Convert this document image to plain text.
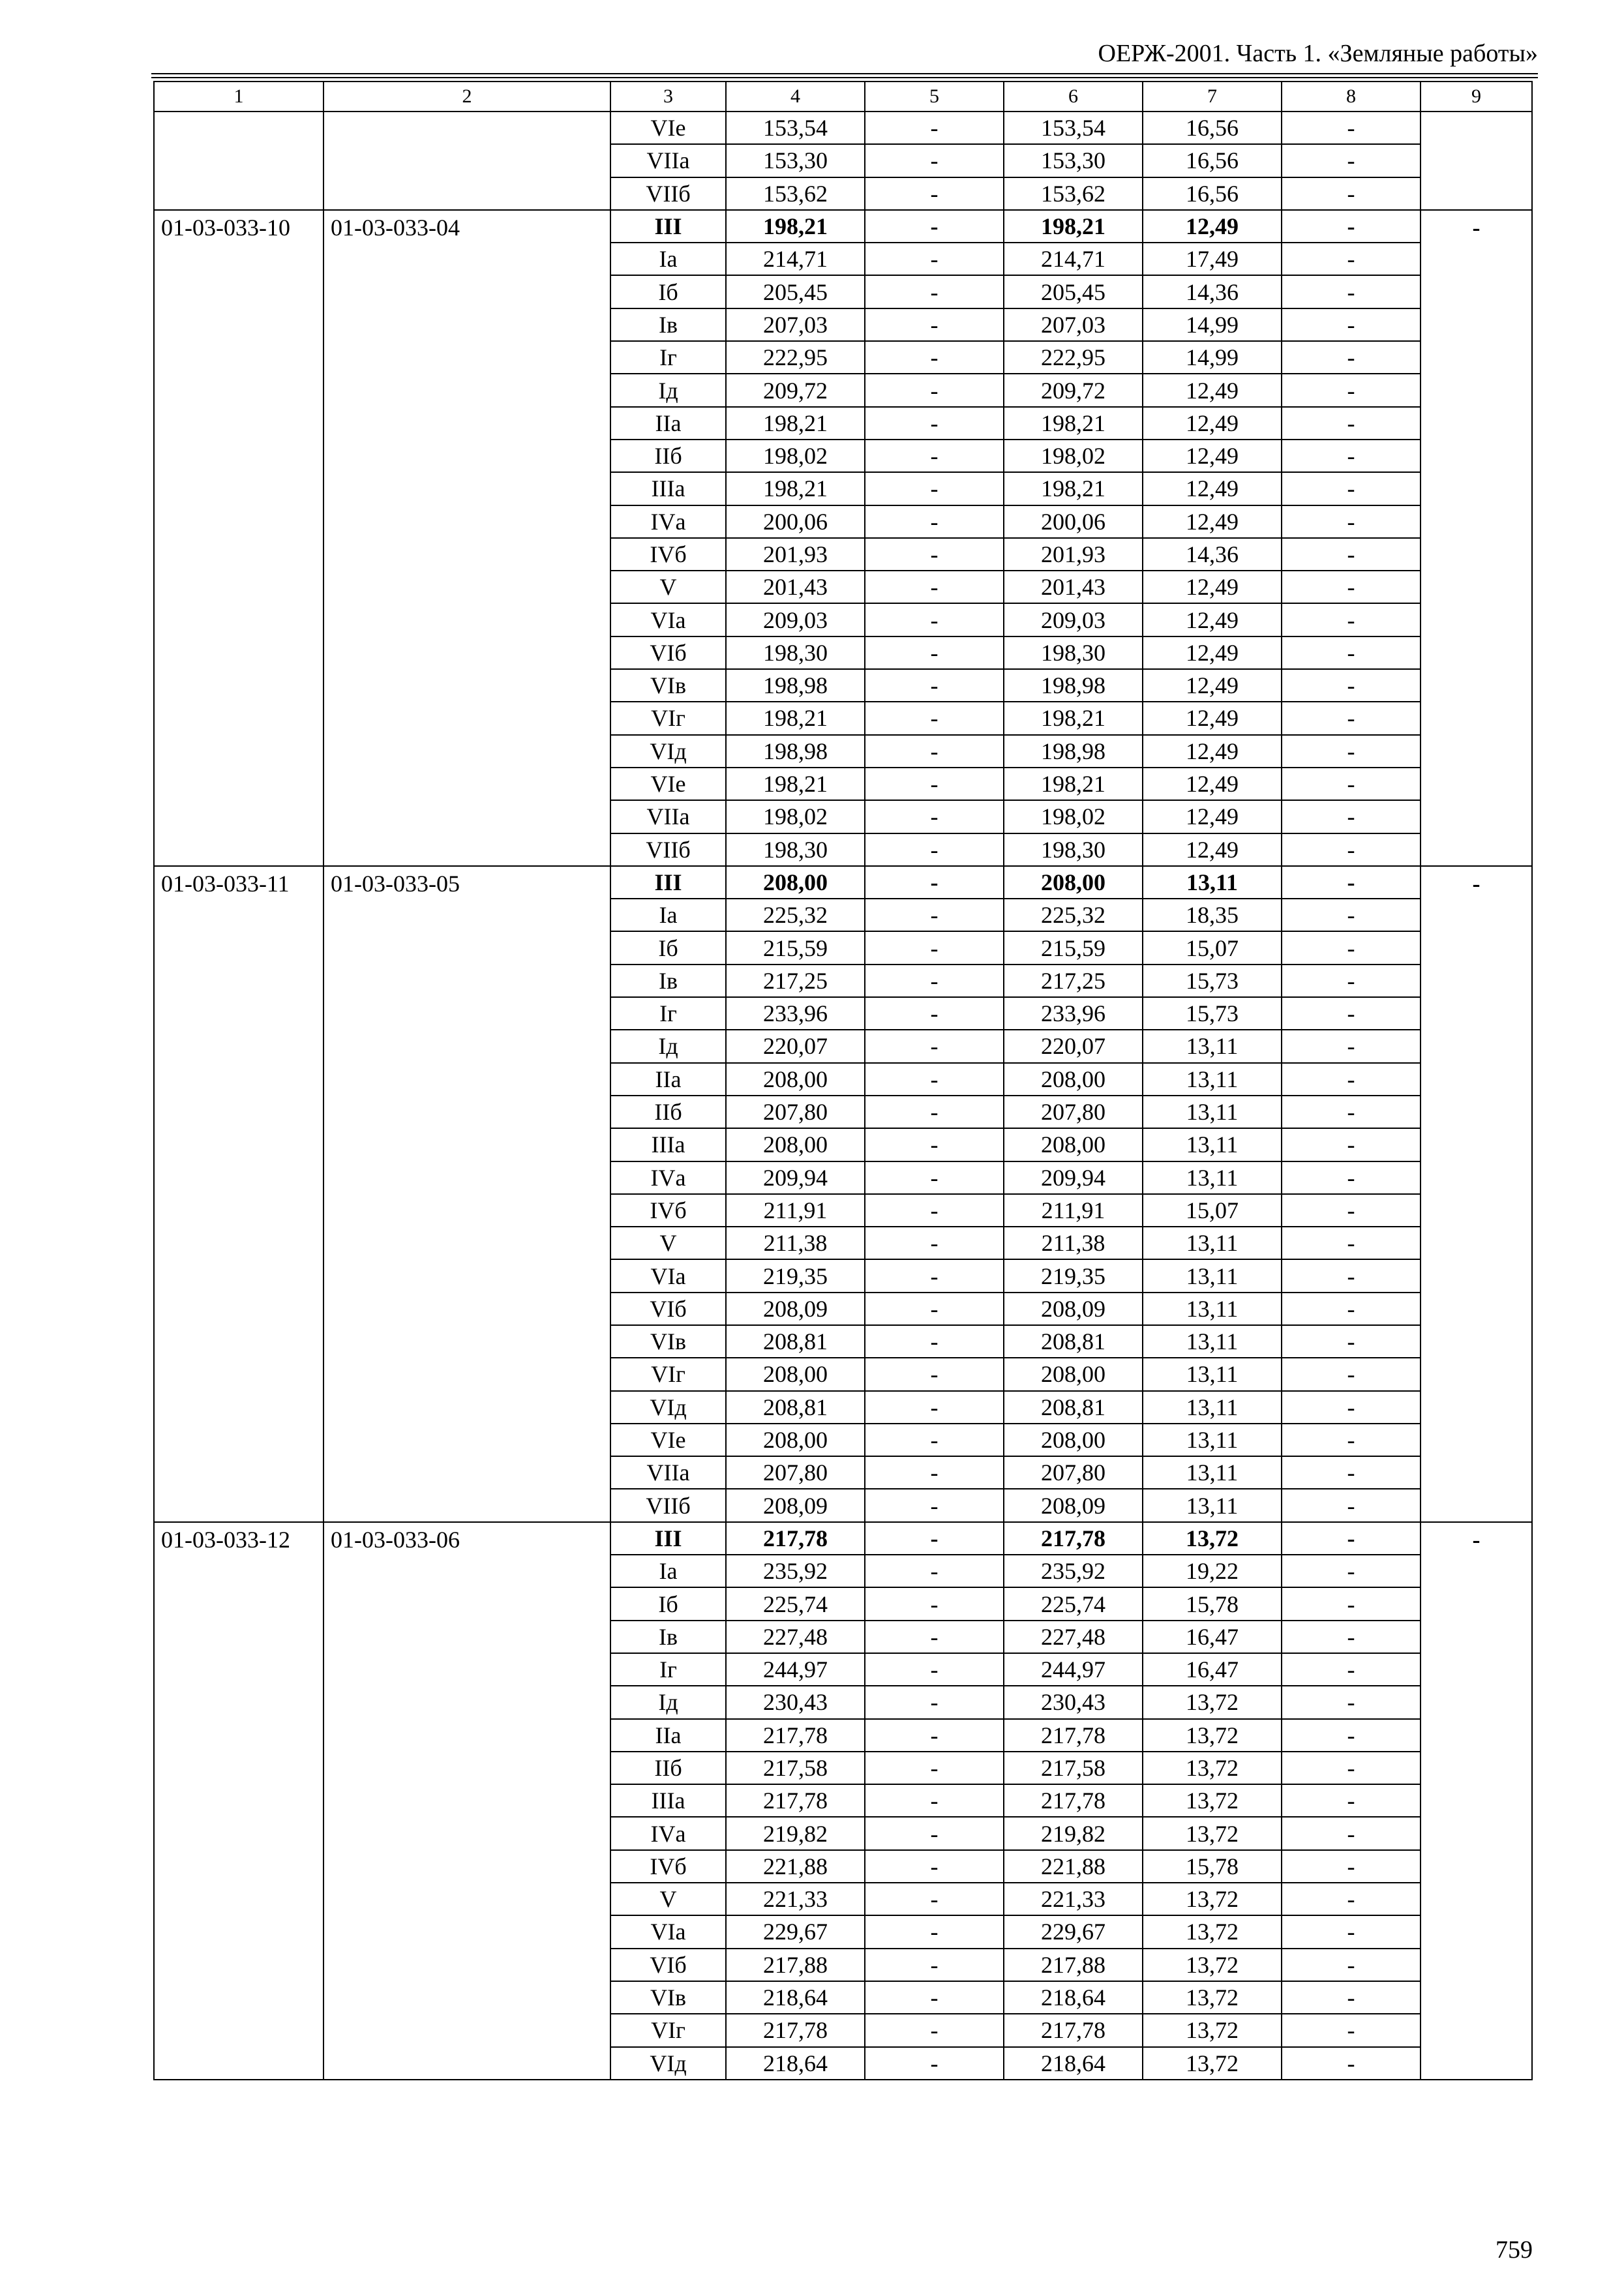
ОЕРЖ-2001. Часть 1. «Земляные работы»
1	2	3	4	5	6	7	8	9
		VIе	153,54	-	153,54	16,56	-	
		VIIа	153,30	-	153,30	16,56	-	
		VIIб	153,62	-	153,62	16,56	-	
01-03-033-10	01-03-033-04	III	198,21	-	198,21	12,49	-	-
		Iа	214,71	-	214,71	17,49	-	
		Iб	205,45	-	205,45	14,36	-	
		Iв	207,03	-	207,03	14,99	-	
		Iг	222,95	-	222,95	14,99	-	
		Iд	209,72	-	209,72	12,49	-	
		IIа	198,21	-	198,21	12,49	-	
		IIб	198,02	-	198,02	12,49	-	
		IIIа	198,21	-	198,21	12,49	-	
		IVа	200,06	-	200,06	12,49	-	
		IVб	201,93	-	201,93	14,36	-	
		V	201,43	-	201,43	12,49	-	
		VIа	209,03	-	209,03	12,49	-	
		VIб	198,30	-	198,30	12,49	-	
		VIв	198,98	-	198,98	12,49	-	
		VIг	198,21	-	198,21	12,49	-	
		VIд	198,98	-	198,98	12,49	-	
		VIе	198,21	-	198,21	12,49	-	
		VIIа	198,02	-	198,02	12,49	-	
		VIIб	198,30	-	198,30	12,49	-	
01-03-033-11	01-03-033-05	III	208,00	-	208,00	13,11	-	-
		Iа	225,32	-	225,32	18,35	-	
		Iб	215,59	-	215,59	15,07	-	
		Iв	217,25	-	217,25	15,73	-	
		Iг	233,96	-	233,96	15,73	-	
		Iд	220,07	-	220,07	13,11	-	
		IIа	208,00	-	208,00	13,11	-	
		IIб	207,80	-	207,80	13,11	-	
		IIIа	208,00	-	208,00	13,11	-	
		IVа	209,94	-	209,94	13,11	-	
		IVб	211,91	-	211,91	15,07	-	
		V	211,38	-	211,38	13,11	-	
		VIа	219,35	-	219,35	13,11	-	
		VIб	208,09	-	208,09	13,11	-	
		VIв	208,81	-	208,81	13,11	-	
		VIг	208,00	-	208,00	13,11	-	
		VIд	208,81	-	208,81	13,11	-	
		VIе	208,00	-	208,00	13,11	-	
		VIIа	207,80	-	207,80	13,11	-	
		VIIб	208,09	-	208,09	13,11	-	
01-03-033-12	01-03-033-06	III	217,78	-	217,78	13,72	-	-
		Iа	235,92	-	235,92	19,22	-	
		Iб	225,74	-	225,74	15,78	-	
		Iв	227,48	-	227,48	16,47	-	
		Iг	244,97	-	244,97	16,47	-	
		Iд	230,43	-	230,43	13,72	-	
		IIа	217,78	-	217,78	13,72	-	
		IIб	217,58	-	217,58	13,72	-	
		IIIа	217,78	-	217,78	13,72	-	
		IVа	219,82	-	219,82	13,72	-	
		IVб	221,88	-	221,88	15,78	-	
		V	221,33	-	221,33	13,72	-	
		VIа	229,67	-	229,67	13,72	-	
		VIб	217,88	-	217,88	13,72	-	
		VIв	218,64	-	218,64	13,72	-	
		VIг	217,78	-	217,78	13,72	-	
		VIд	218,64	-	218,64	13,72	-	
759
